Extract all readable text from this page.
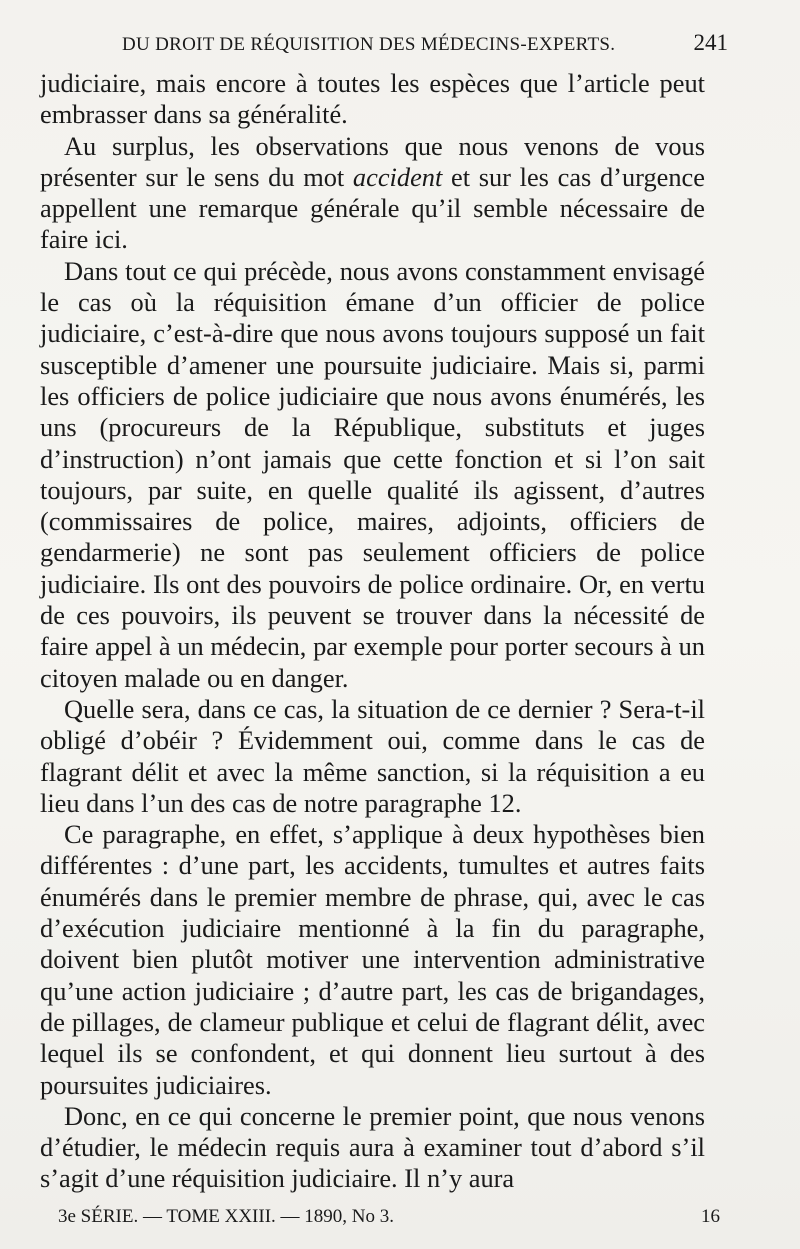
DU DROIT DE RÉQUISITION DES MÉDECINS-EXPERTS.	241

judiciaire, mais encore à toutes les espèces que l’article peut embrasser dans sa généralité.

Au surplus, les observations que nous venons de vous présenter sur le sens du mot accident et sur les cas d’urgence appellent une remarque générale qu’il semble nécessaire de faire ici.

Dans tout ce qui précède, nous avons constamment envisagé le cas où la réquisition émane d’un officier de police judiciaire, c’est-à-dire que nous avons toujours supposé un fait susceptible d’amener une poursuite judiciaire. Mais si, parmi les officiers de police judiciaire que nous avons énumérés, les uns (procureurs de la République, substituts et juges d’instruction) n’ont jamais que cette fonction et si l’on sait toujours, par suite, en quelle qualité ils agissent, d’autres (commissaires de police, maires, adjoints, officiers de gendarmerie) ne sont pas seulement officiers de police judiciaire. Ils ont des pouvoirs de police ordinaire. Or, en vertu de ces pouvoirs, ils peuvent se trouver dans la nécessité de faire appel à un médecin, par exemple pour porter secours à un citoyen malade ou en danger.

Quelle sera, dans ce cas, la situation de ce dernier ? Sera-t-il obligé d’obéir ? Évidemment oui, comme dans le cas de flagrant délit et avec la même sanction, si la réquisition a eu lieu dans l’un des cas de notre paragraphe 12.

Ce paragraphe, en effet, s’applique à deux hypothèses bien différentes : d’une part, les accidents, tumultes et autres faits énumérés dans le premier membre de phrase, qui, avec le cas d’exécution judiciaire mentionné à la fin du paragraphe, doivent bien plutôt motiver une intervention administrative qu’une action judiciaire ; d’autre part, les cas de brigandages, de pillages, de clameur publique et celui de flagrant délit, avec lequel ils se confondent, et qui donnent lieu surtout à des poursuites judiciaires.

Donc, en ce qui concerne le premier point, que nous venons d’étudier, le médecin requis aura à examiner tout d’abord s’il s’agit d’une réquisition judiciaire. Il n’y aura

3e SÉRIE. — TOME XXIII. — 1890, No 3.	16
